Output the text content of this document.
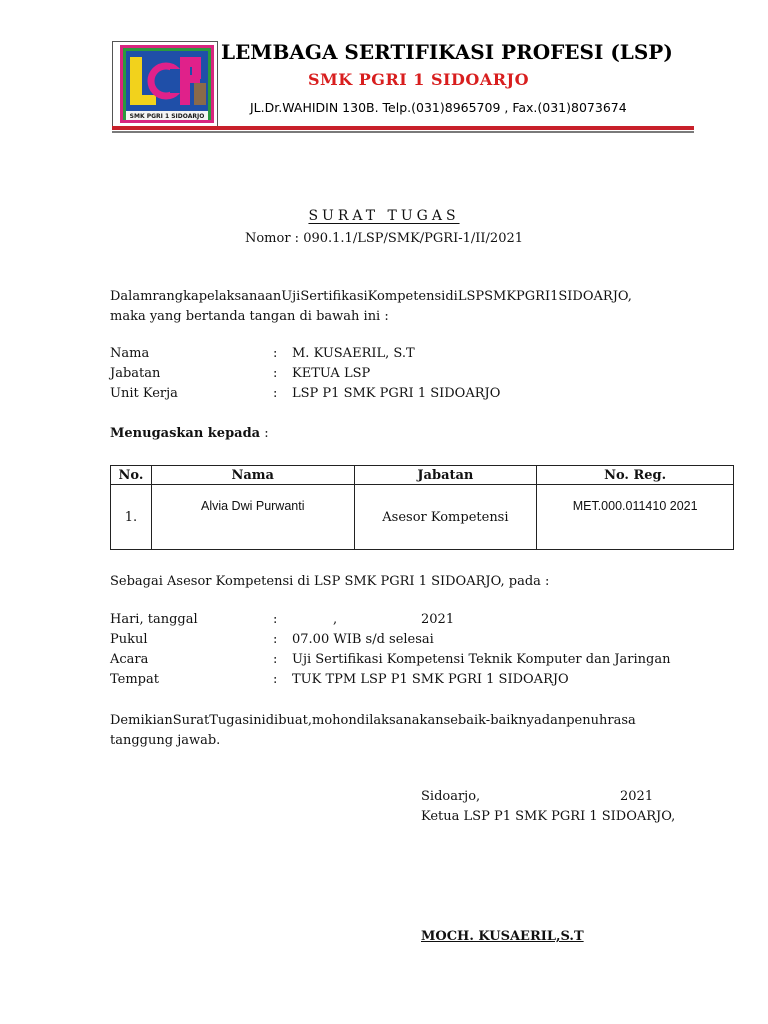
SMK PGRI 1 SIDOARJO
LEMBAGA SERTIFIKASI PROFESI (LSP)
SMK PGRI 1 SIDOARJO
JL.Dr.WAHIDIN 130B. Telp.(031)8965709 , Fax.(031)8073674
SURAT TUGAS
Nomor : 090.1.1/LSP/SMK/PGRI-1/II/2021
DalamrangkapelaksanaanUjiSertifikasiKompetensidiLSPSMKPGRI1SIDOARJO,
maka yang bertanda tangan di bawah ini :
Nama	: M. KUSAERIL, S.T
Jabatan	: KETUA LSP
Unit Kerja	: LSP P1 SMK PGRI 1 SIDOARJO
Menugaskan kepada :
No.	Nama	Jabatan	No. Reg.
1.	Alvia Dwi Purwanti	Asesor Kompetensi	MET.000.011410 2021
Sebagai Asesor Kompetensi di LSP SMK PGRI 1 SIDOARJO, pada :
Hari, tanggal	:	,	2021
Pukul	: 07.00 WIB s/d selesai
Acara	: Uji Sertifikasi Kompetensi Teknik Komputer dan Jaringan
Tempat	: TUK TPM LSP P1 SMK PGRI 1 SIDOARJO
DemikianSuratTugasinidibuat,mohondilaksanakansebaik-baiknyadanpenuhrasa
tanggung jawab.
Sidoarjo,	2021
Ketua LSP P1 SMK PGRI 1 SIDOARJO,
MOCH. KUSAERIL,S.T
